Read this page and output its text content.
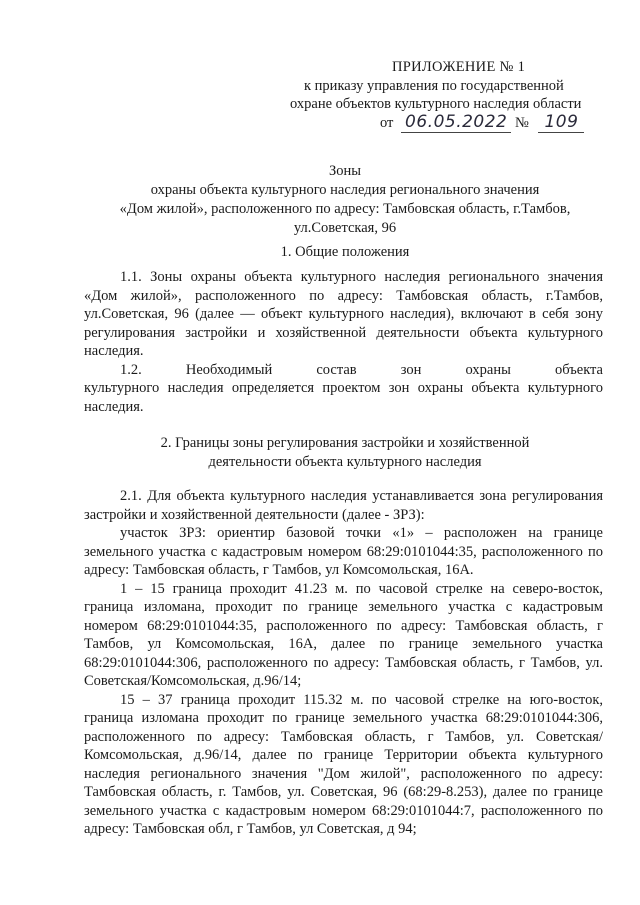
ПРИЛОЖЕНИЕ № 1
к приказу управления по государственной
охране объектов культурного наследия области
от 06.05.2022 № 109
Зоны
охраны объекта культурного наследия регионального значения
«Дом жилой», расположенного по адресу: Тамбовская область, г.Тамбов,
ул.Советская, 96
1. Общие положения

1.1. Зоны охраны объекта культурного наследия регионального значения «Дом жилой», расположенного по адресу: Тамбовская область, г.Тамбов, ул.Советская, 96 (далее — объект культурного наследия), включают в себя зону регулирования застройки и хозяйственной деятельности объекта культурного наследия.

1.2. Необходимый состав зон охраны объекта

культурного наследия определяется проектом зон охраны объекта культурного наследия.

2. Границы зоны регулирования застройки и хозяйственной
деятельности объекта культурного наследия

2.1. Для объекта культурного наследия устанавливается зона регулирования застройки и хозяйственной деятельности (далее - ЗРЗ):

участок ЗРЗ: ориентир базовой точки «1» – расположен на границе земельного участка с кадастровым номером 68:29:0101044:35, расположенного по адресу: Тамбовская область, г Тамбов, ул Комсомольская, 16А.

1 – 15 граница проходит 41.23 м. по часовой стрелке на северо-восток, граница изломана, проходит по границе земельного участка с кадастровым номером 68:29:0101044:35, расположенного по адресу: Тамбовская область, г Тамбов, ул Комсомольская, 16А, далее по границе земельного участка 68:29:0101044:306, расположенного по адресу: Тамбовская область, г Тамбов, ул. Советская/Комсомольская, д.96/14;

15 – 37 граница проходит 115.32 м. по часовой стрелке на юго-восток, граница изломана проходит по границе земельного участка 68:29:0101044:306, расположенного по адресу: Тамбовская область, г Тамбов, ул. Советская/Комсомольская, д.96/14, далее по границе Территории объекта культурного наследия регионального значения "Дом жилой", расположенного по адресу: Тамбовская область, г. Тамбов, ул. Советская, 96 (68:29-8.253), далее по границе земельного участка с кадастровым номером 68:29:0101044:7, расположенного по адресу: Тамбовская обл, г Тамбов, ул Советская, д 94;
